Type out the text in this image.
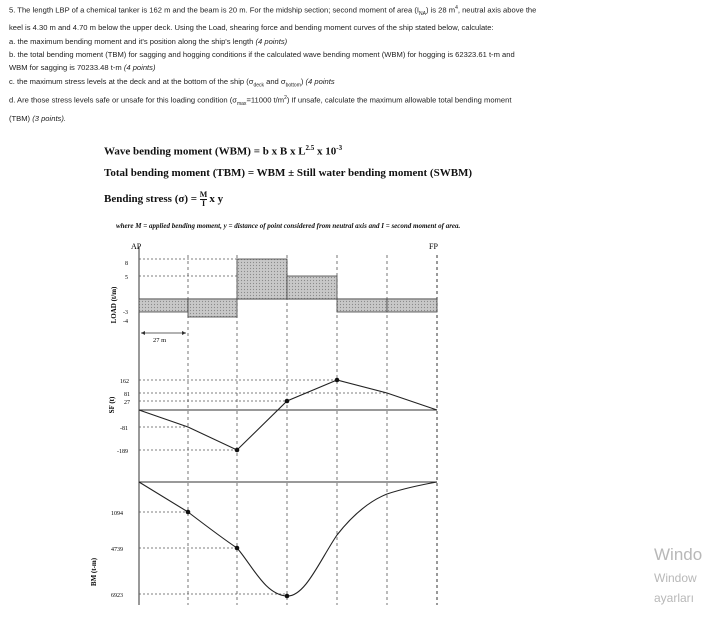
5. The length LBP of a chemical tanker is 162 m and the beam is 20 m. For the midship section; second moment of area $(I_{NA})$ is 28 $m^4$, neutral axis above the
keel is 4.30 m and 4.70 m below the upper deck. Using the Load, shearing force and bending moment curves of the ship stated below, calculate:
a. the maximum bending moment and it's position along the ship's length (4 points)
b. the total bending moment (TBM) for sagging and hogging conditions if the calculated wave bending moment (WBM) for hogging is 62323.61 t-m and
WBM for sagging is 70233.48 t-m (4 points)
c. the maximum stress levels at the deck and at the bottom of the ship ($\sigma_{deck}$ and $\sigma_{bottom}$) (4 points
d. Are those stress levels safe or unsafe for this loading condition ($\sigma_{max}=11000$ $t/m^2$) If unsafe, calculate the maximum allowable total bending moment
(TBM) (3 points).
Wave bending moment (WBM) = b x B x $L^{2.5}$ x $10^{-3}$
Total bending moment (TBM) = WBM ± Still water bending moment (SWBM)
Bending stress $(\sigma) = \frac{M}{I}$ x y
where M = applied bending moment, y = distance of point considered from neutral axis and I = second moment of area.
AP	FP
LOAD (t/m)
8
5
-3
-4
27 m
SF (t)
162
81
27
-81
-189
BM (t-m)
1094
4739
6923
Windo
Window
ayarları
